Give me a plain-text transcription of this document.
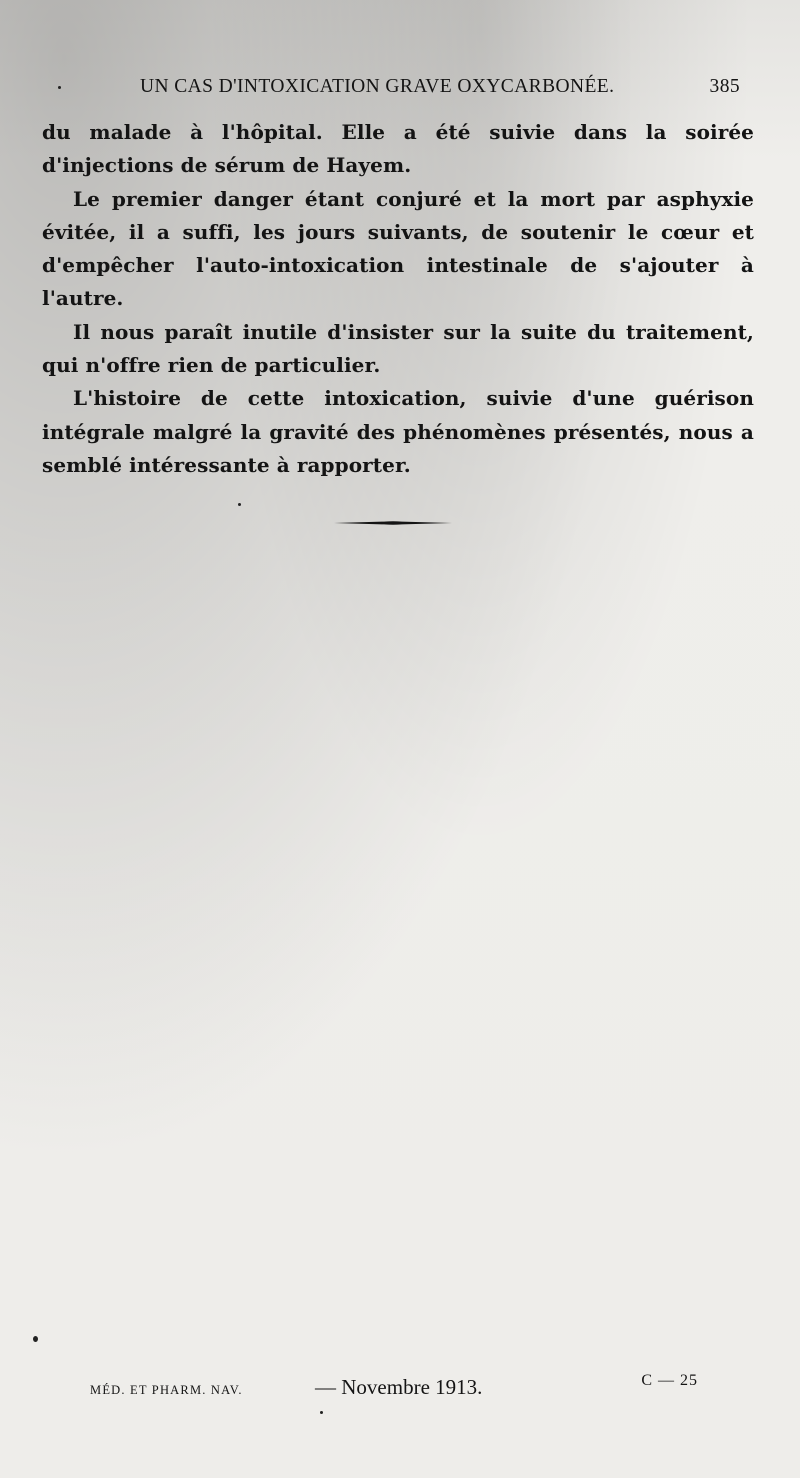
UN CAS D'INTOXICATION GRAVE OXYCARBONÉE.	385

du malade à l'hôpital. Elle a été suivie dans la soirée d'injections de sérum de Hayem.

Le premier danger étant conjuré et la mort par asphyxie évitée, il a suffi, les jours suivants, de soutenir le cœur et d'empêcher l'auto-intoxication intestinale de s'ajouter à l'autre.

Il nous paraît inutile d'insister sur la suite du traitement, qui n'offre rien de particulier.

L'histoire de cette intoxication, suivie d'une guérison intégrale malgré la gravité des phénomènes présentés, nous a semblé intéressante à rapporter.

MÉD. ET PHARM. NAV.	— Novembre 1913.	C — 25
